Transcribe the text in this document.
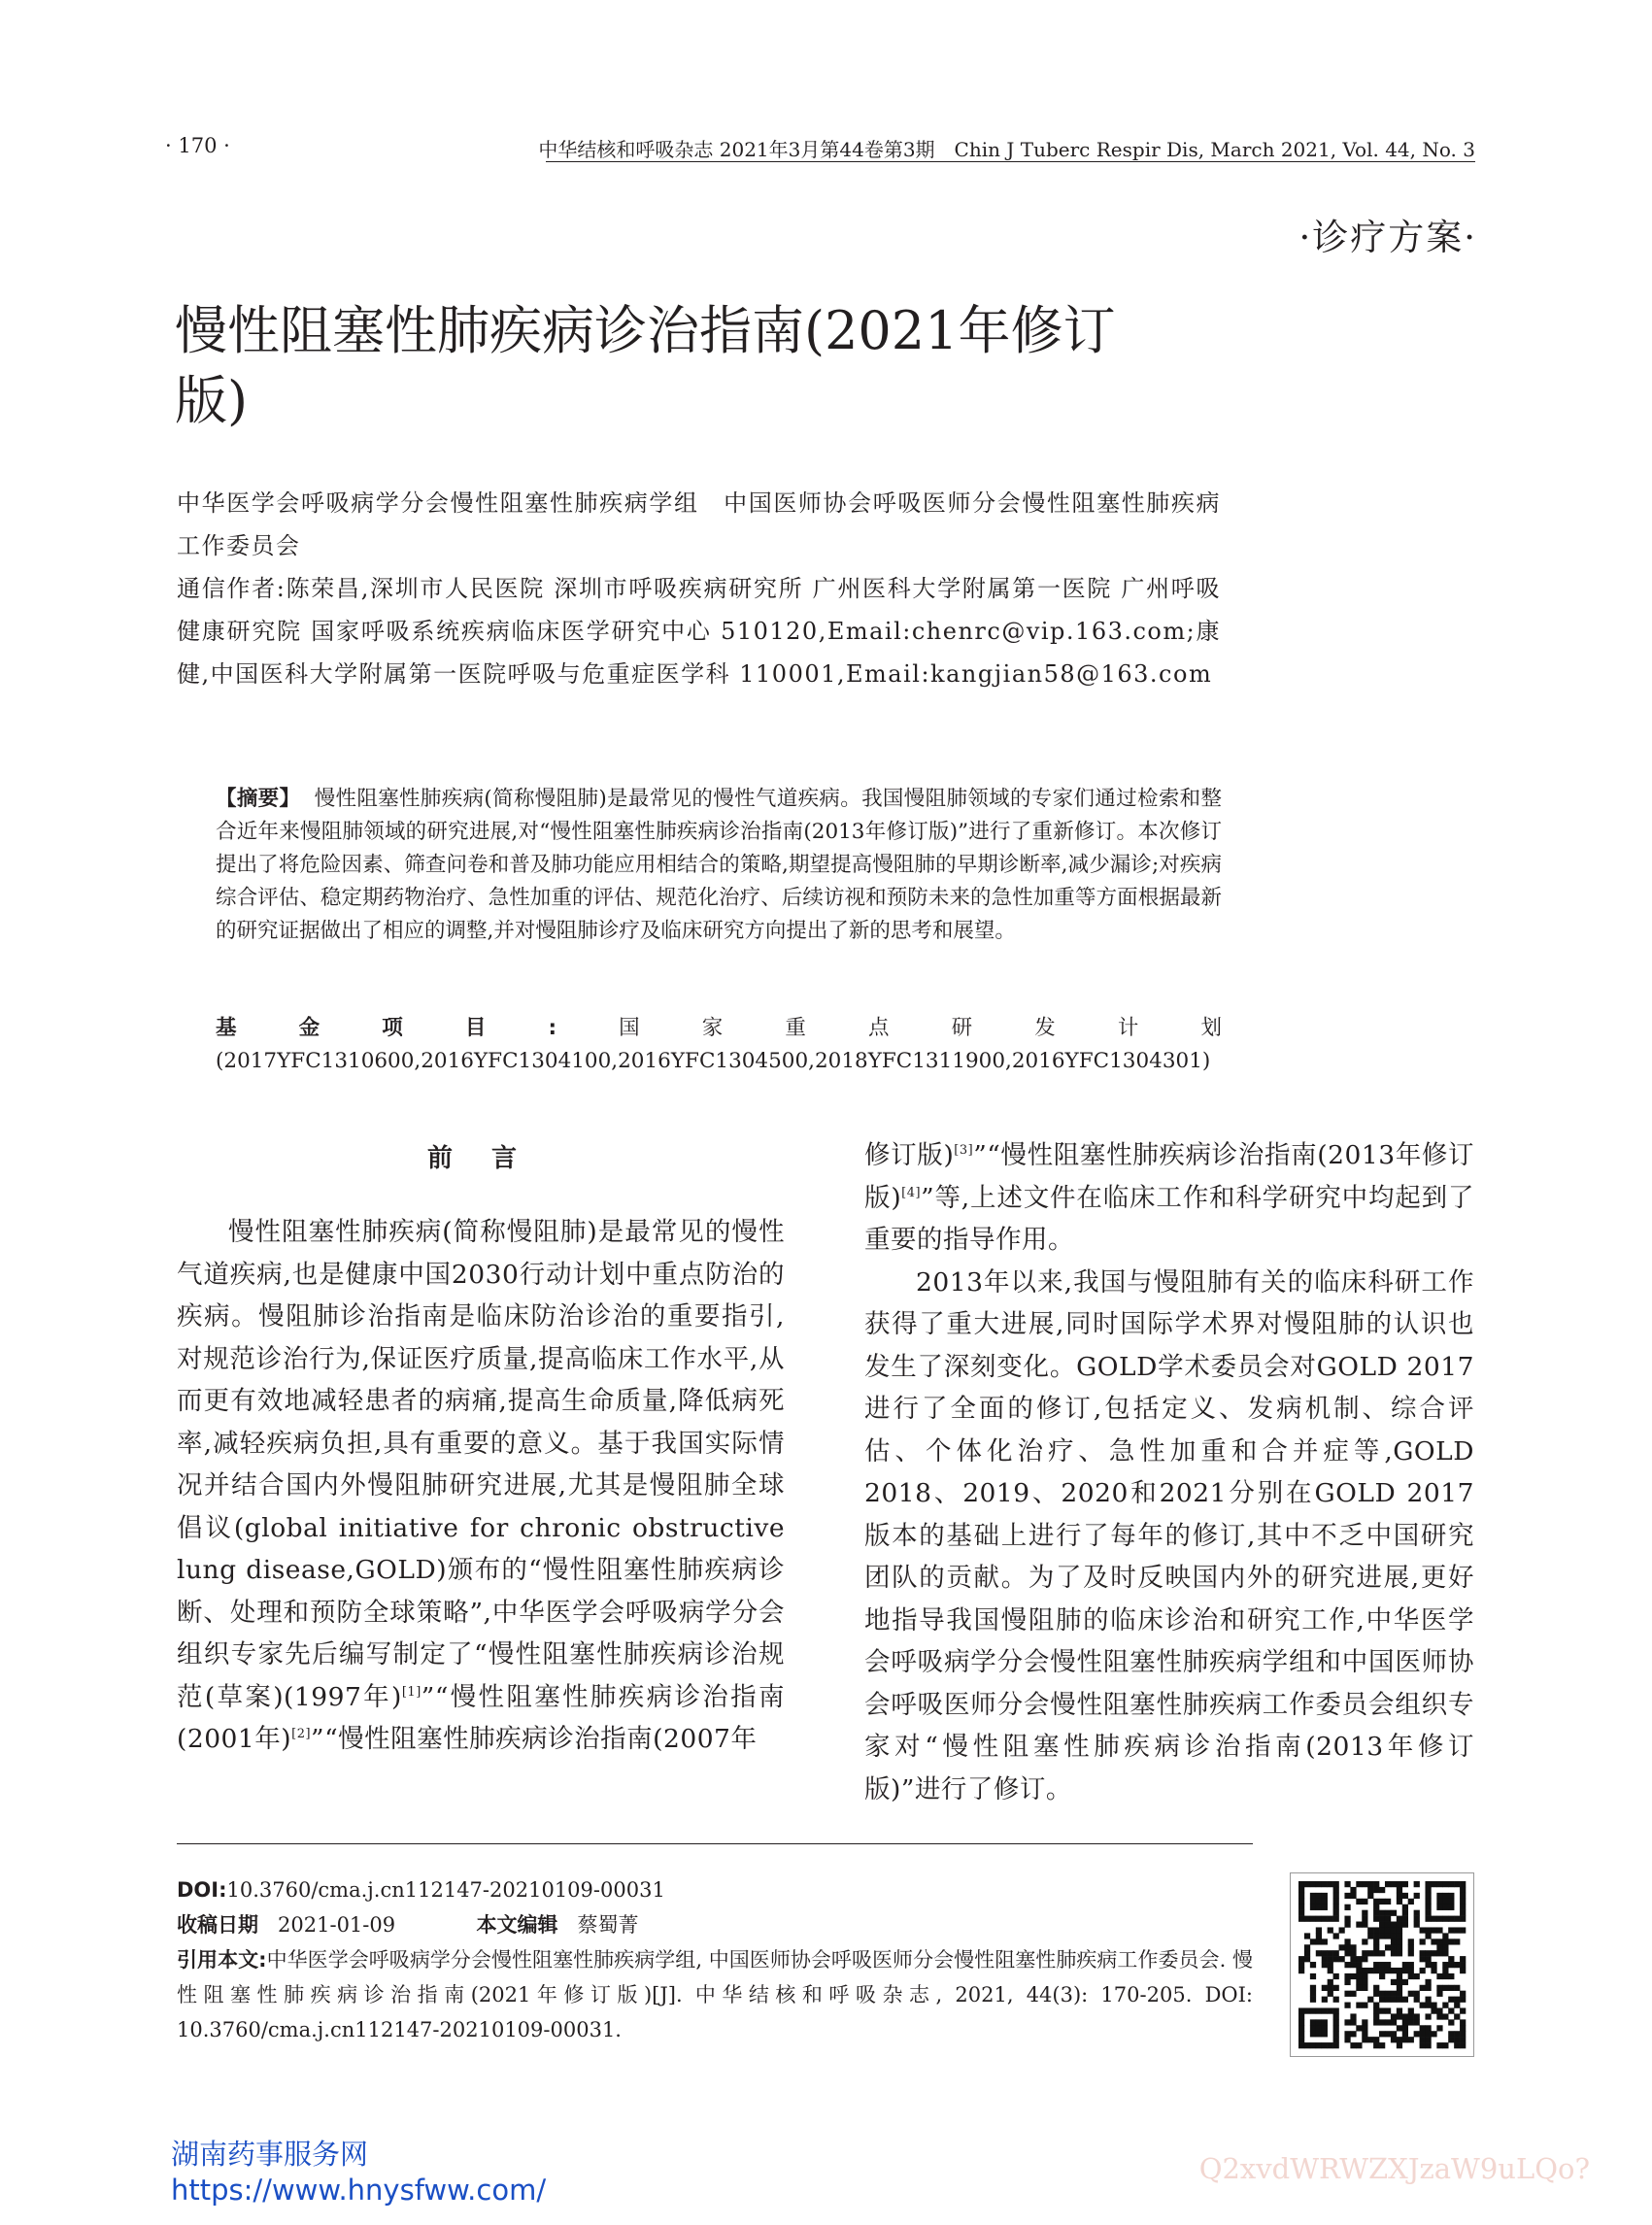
· 170 ·	中华结核和呼吸杂志 2021年3月第44卷第3期　Chin J Tuberc Respir Dis, March 2021, Vol. 44, No. 3
·诊疗方案·
慢性阻塞性肺疾病诊治指南(2021年修订版)
中华医学会呼吸病学分会慢性阻塞性肺疾病学组　中国医师协会呼吸医师分会慢性阻塞性肺疾病工作委员会
通信作者:陈荣昌,深圳市人民医院 深圳市呼吸疾病研究所 广州医科大学附属第一医院 广州呼吸健康研究院 国家呼吸系统疾病临床医学研究中心 510120,Email:chenrc@vip.163.com;康健,中国医科大学附属第一医院呼吸与危重症医学科 110001,Email:kangjian58@163.com
【摘要】 慢性阻塞性肺疾病(简称慢阻肺)是最常见的慢性气道疾病。我国慢阻肺领域的专家们通过检索和整合近年来慢阻肺领域的研究进展,对“慢性阻塞性肺疾病诊治指南(2013年修订版)”进行了重新修订。本次修订提出了将危险因素、筛查问卷和普及肺功能应用相结合的策略,期望提高慢阻肺的早期诊断率,减少漏诊;对疾病综合评估、稳定期药物治疗、急性加重的评估、规范化治疗、后续访视和预防未来的急性加重等方面根据最新的研究证据做出了相应的调整,并对慢阻肺诊疗及临床研究方向提出了新的思考和展望。
基金项目:国家重点研发计划(2017YFC1310600,2016YFC1304100,2016YFC1304500,2018YFC1311900,2016YFC1304301)
前言

慢性阻塞性肺疾病(简称慢阻肺)是最常见的慢性气道疾病,也是健康中国2030行动计划中重点防治的疾病。慢阻肺诊治指南是临床防治诊治的重要指引,对规范诊治行为,保证医疗质量,提高临床工作水平,从而更有效地减轻患者的病痛,提高生命质量,降低病死率,减轻疾病负担,具有重要的意义。基于我国实际情况并结合国内外慢阻肺研究进展,尤其是慢阻肺全球倡议(global initiative for chronic obstructive lung disease,GOLD)颁布的“慢性阻塞性肺疾病诊断、处理和预防全球策略”,中华医学会呼吸病学分会组织专家先后编写制定了“慢性阻塞性肺疾病诊治规范(草案)(1997年)[1]”“慢性阻塞性肺疾病诊治指南(2001年)[2]”“慢性阻塞性肺疾病诊治指南(2007年

修订版)[3]”“慢性阻塞性肺疾病诊治指南(2013年修订版)[4]”等,上述文件在临床工作和科学研究中均起到了重要的指导作用。

2013年以来,我国与慢阻肺有关的临床科研工作获得了重大进展,同时国际学术界对慢阻肺的认识也发生了深刻变化。GOLD学术委员会对GOLD 2017进行了全面的修订,包括定义、发病机制、综合评估、个体化治疗、急性加重和合并症等,GOLD 2018、2019、2020和2021分别在GOLD 2017版本的基础上进行了每年的修订,其中不乏中国研究团队的贡献。为了及时反映国内外的研究进展,更好地指导我国慢阻肺的临床诊治和研究工作,中华医学会呼吸病学分会慢性阻塞性肺疾病学组和中国医师协会呼吸医师分会慢性阻塞性肺疾病工作委员会组织专家对“慢性阻塞性肺疾病诊治指南(2013年修订版)”进行了修订。

DOI:10.3760/cma.j.cn112147-20210109-00031
收稿日期 2021-01-09	本文编辑 蔡蜀菁
引用本文:中华医学会呼吸病学分会慢性阻塞性肺疾病学组, 中国医师协会呼吸医师分会慢性阻塞性肺疾病工作委员会. 慢性阻塞性肺疾病诊治指南(2021年修订版)[J]. 中华结核和呼吸杂志, 2021, 44(3): 170-205. DOI: 10.3760/cma.j.cn112147-20210109-00031.
湖南药事服务网
https://www.hnysfww.com/
Q2xvdWRWZXJzaW9uLQo?
